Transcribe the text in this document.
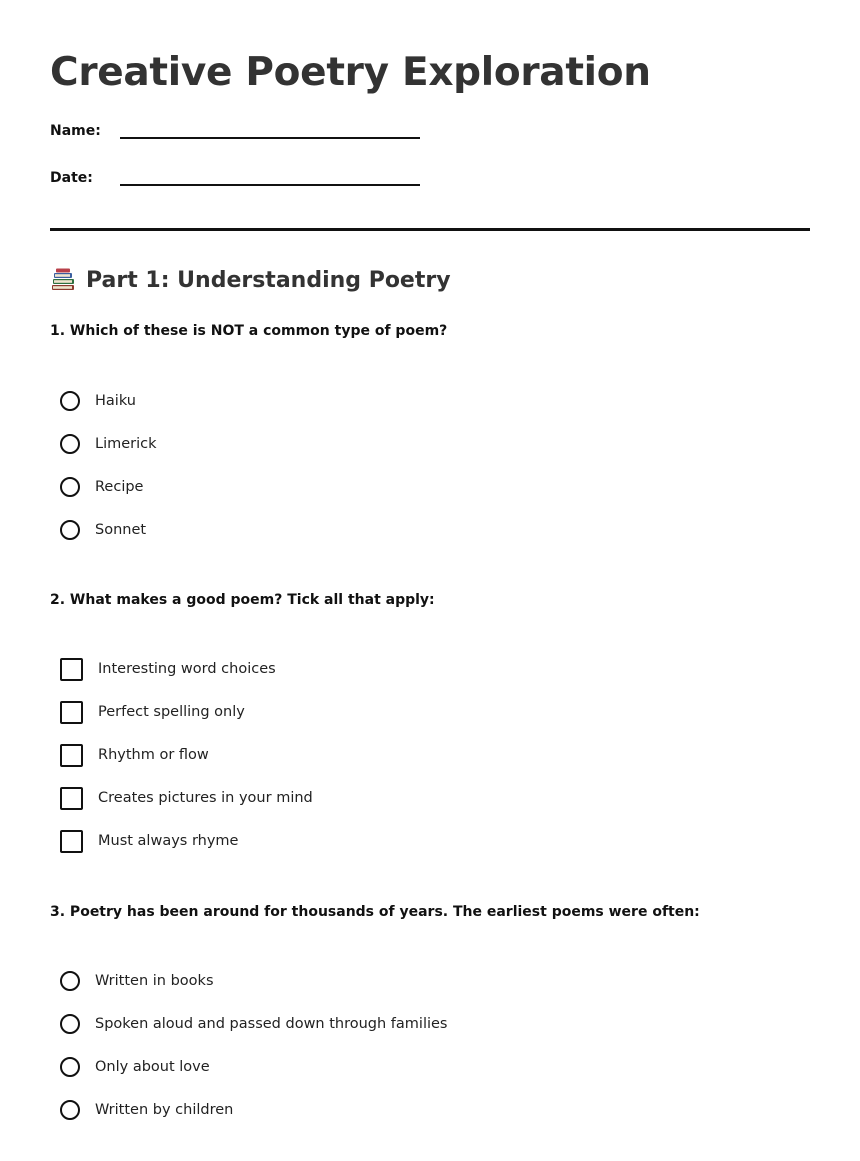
Creative Poetry Exploration
Name:
Date:
Part 1: Understanding Poetry

1. Which of these is NOT a common type of poem?

Haiku
Limerick
Recipe
Sonnet

2. What makes a good poem? Tick all that apply:

Interesting word choices
Perfect spelling only
Rhythm or flow
Creates pictures in your mind
Must always rhyme

3. Poetry has been around for thousands of years. The earliest poems were often:

Written in books
Spoken aloud and passed down through families
Only about love
Written by children
